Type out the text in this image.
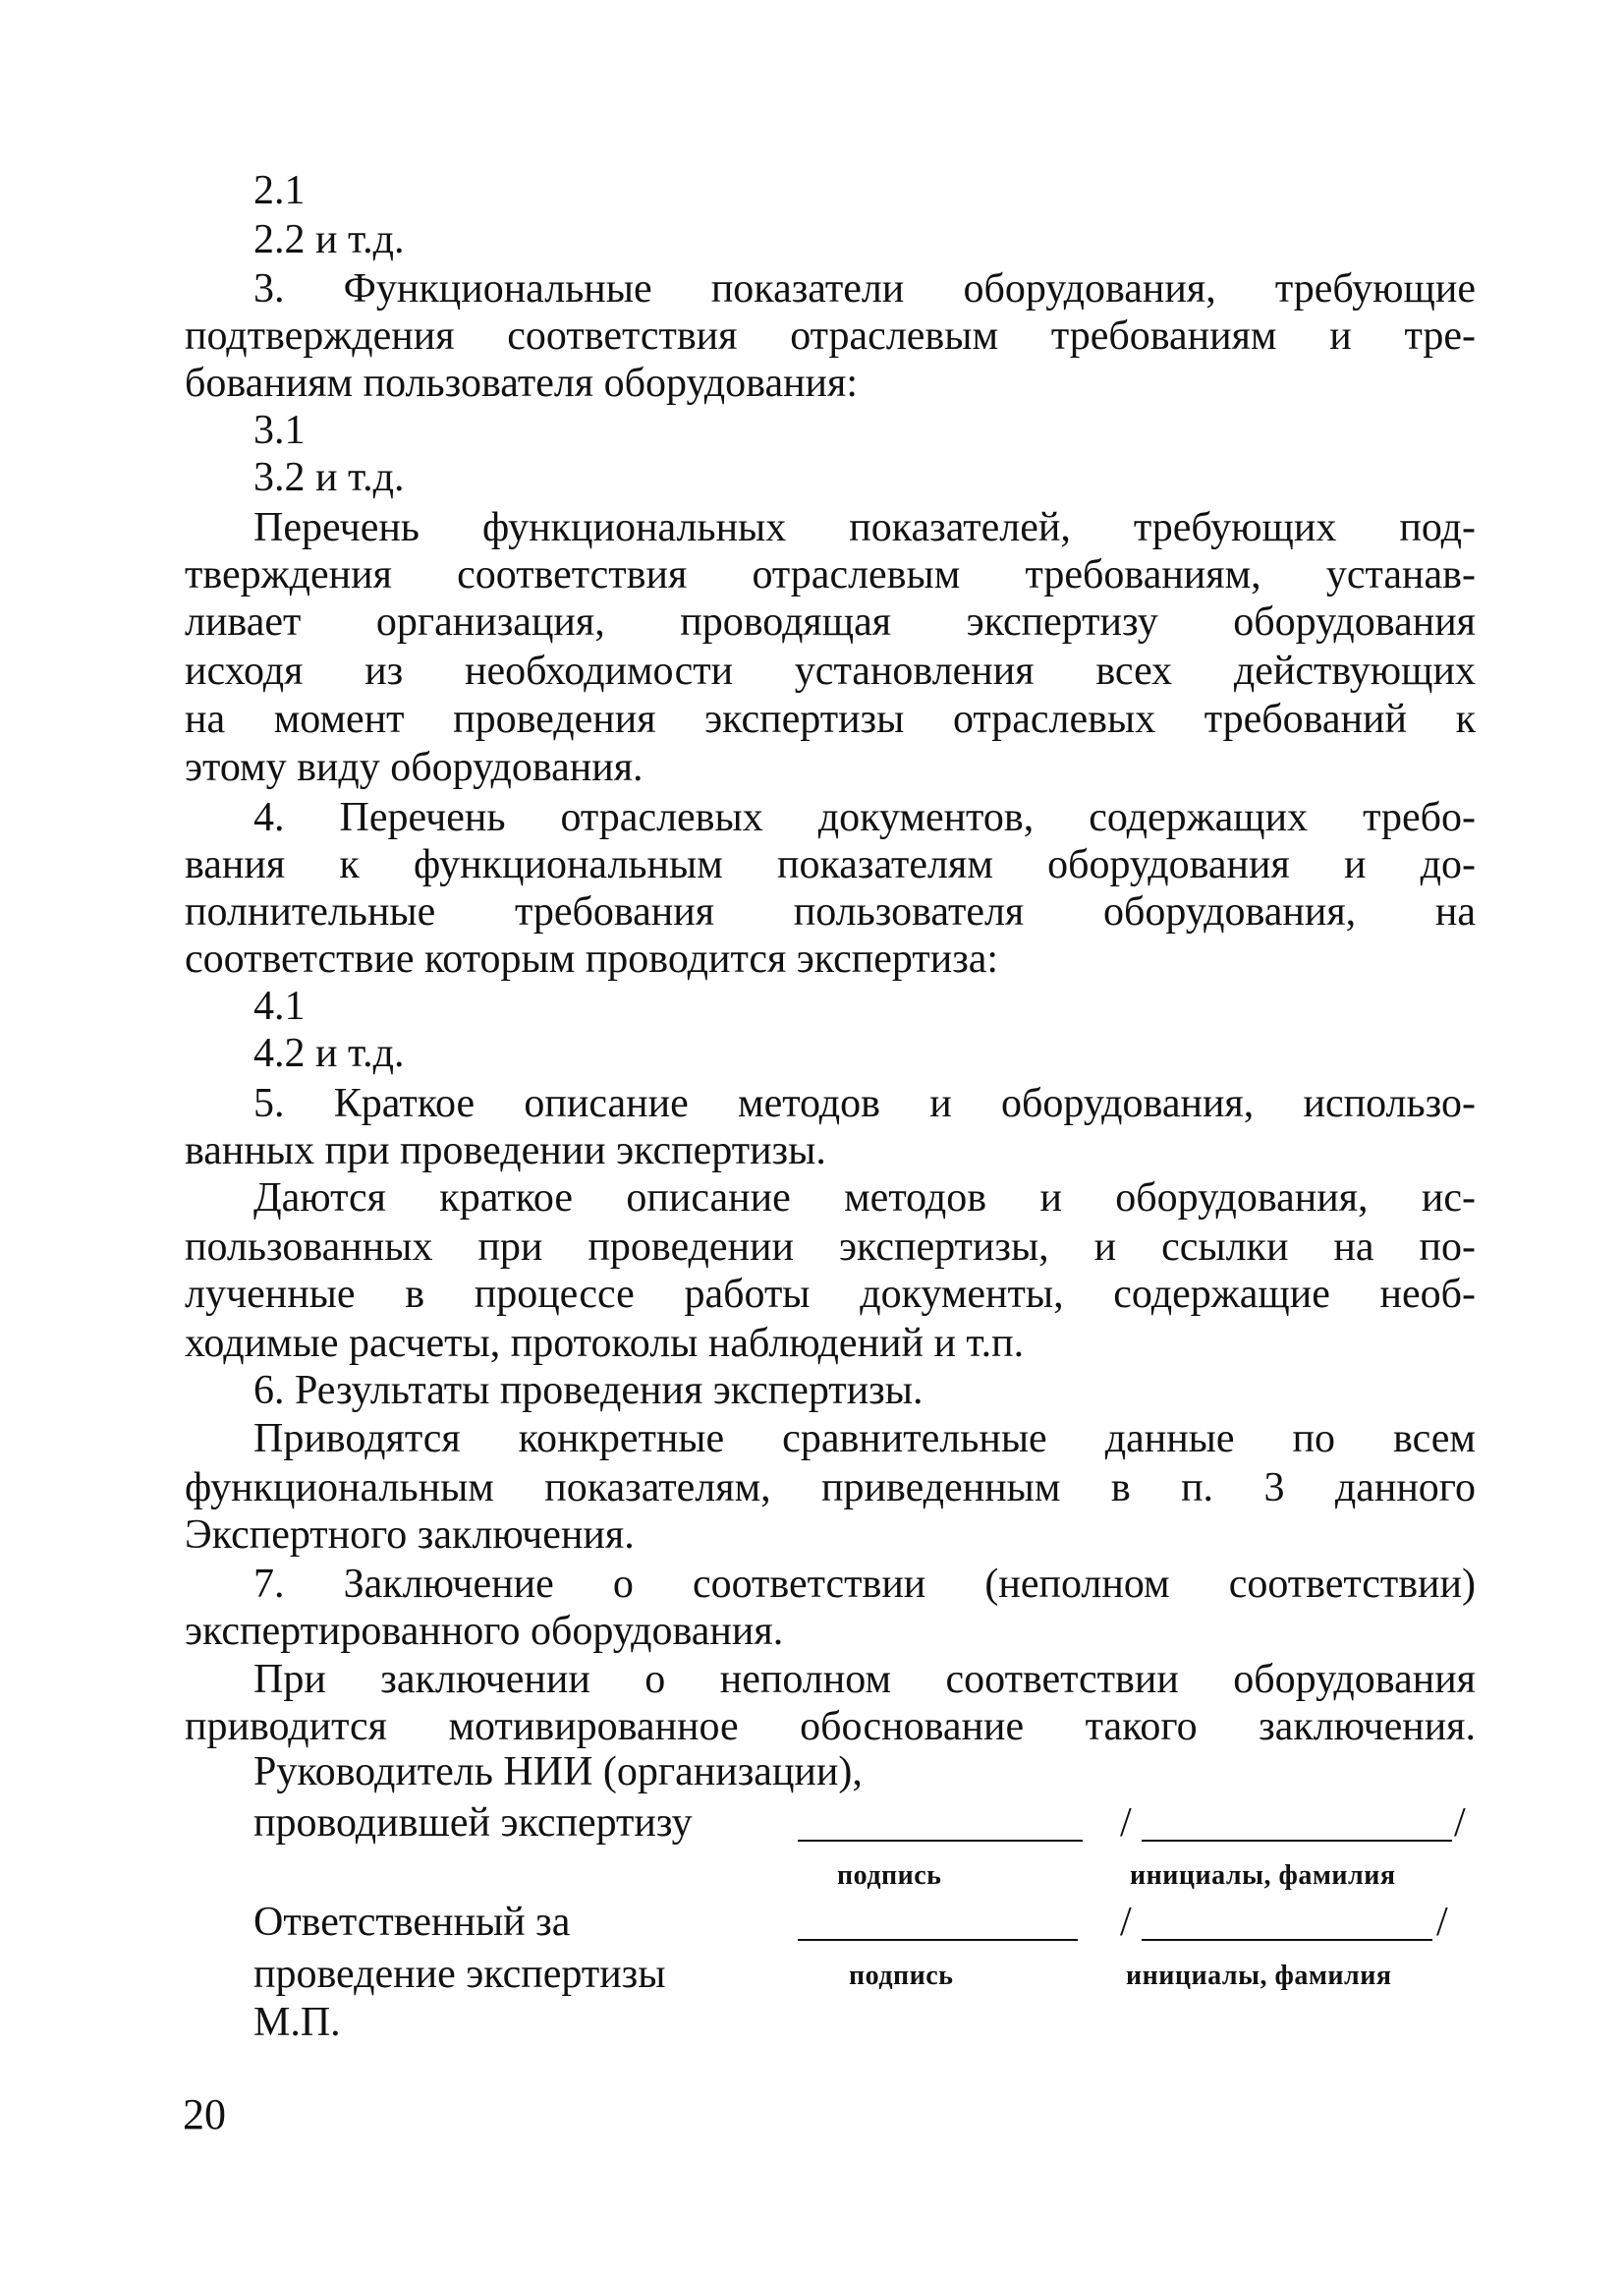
2.1
2.2 и т.д.
3. Функциональные показатели оборудования, требующие
подтверждения соответствия отраслевым требованиям и тре-
бованиям пользователя оборудования:
3.1
3.2 и т.д.
Перечень функциональных показателей, требующих под-
тверждения соответствия отраслевым требованиям, устанав-
ливает организация, проводящая экспертизу оборудования
исходя из необходимости установления всех действующих
на момент проведения экспертизы отраслевых требований к
этому виду оборудования.
4. Перечень отраслевых документов, содержащих требо-
вания к функциональным показателям оборудования и до-
полнительные требования пользователя оборудования, на
соответствие которым проводится экспертиза:
4.1
4.2 и т.д.
5. Краткое описание методов и оборудования, использо-
ванных при проведении экспертизы.
Даются краткое описание методов и оборудования, ис-
пользованных при проведении экспертизы, и ссылки на по-
лученные в процессе работы документы, содержащие необ-
ходимые расчеты, протоколы наблюдений и т.п.
6. Результаты проведения экспертизы.
Приводятся конкретные сравнительные данные по всем
функциональным показателям, приведенным в п. 3 данного
Экспертного заключения.
7. Заключение о соответствии (неполном соответствии)
экспертированного оборудования.
При заключении о неполном соответствии оборудования
приводится мотивированное обоснование такого заключения.
Руководитель НИИ (организации),
проводившей экспертизу	/	/
подпись	инициалы, фамилия
Ответственный за	/	/
проведение экспертизы	подпись	инициалы, фамилия
М.П.
20
